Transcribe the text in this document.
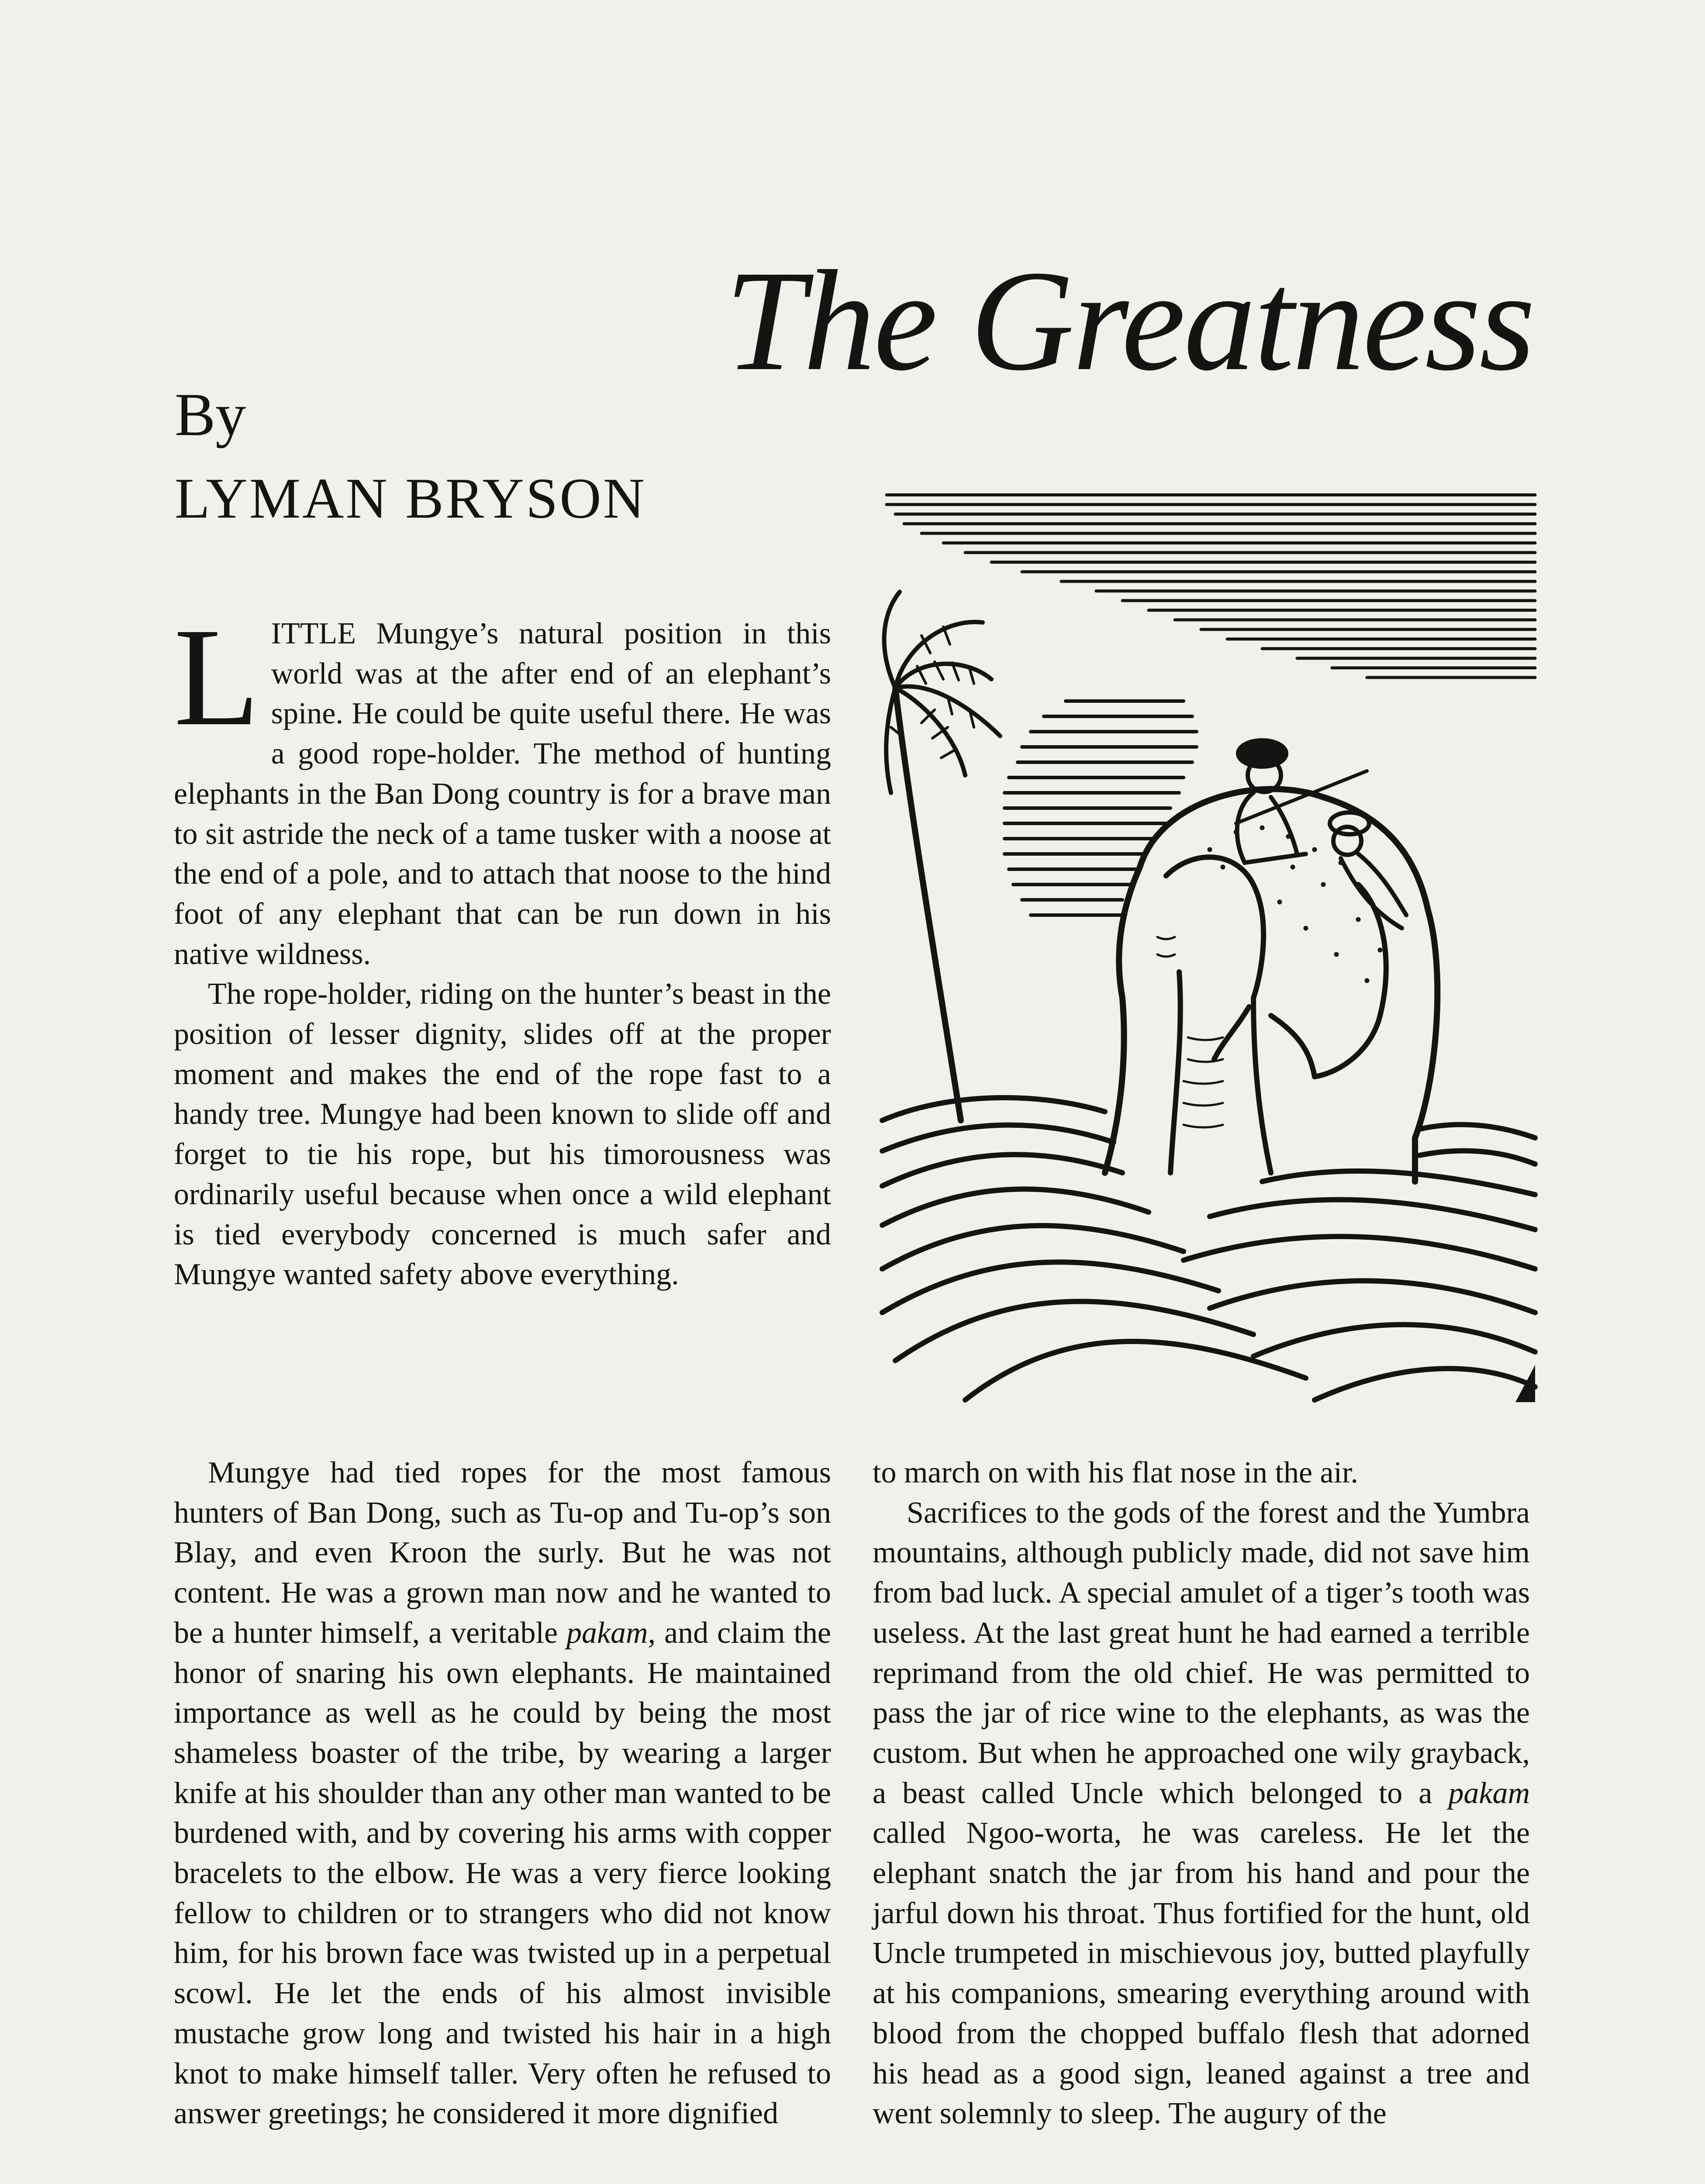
The Greatness
By
LYMAN BRYSON

LITTLE Mungye’s natural position in this world was at the after end of an elephant’s spine. He could be quite useful there. He was a good rope-holder. The method of hunting elephants in the Ban Dong country is for a brave man to sit astride the neck of a tame tusker with a noose at the end of a pole, and to attach that noose to the hind foot of any elephant that can be run down in his native wildness.

The rope-holder, riding on the hunter’s beast in the position of lesser dignity, slides off at the proper moment and makes the end of the rope fast to a handy tree. Mungye had been known to slide off and forget to tie his rope, but his timorousness was ordinarily useful because when once a wild elephant is tied everybody concerned is much safer and Mungye wanted safety above everything.

Mungye had tied ropes for the most famous hunters of Ban Dong, such as Tu-op and Tu-op’s son Blay, and even Kroon the surly. But he was not content. He was a grown man now and he wanted to be a hunter himself, a veritable pakam, and claim the honor of snaring his own elephants. He maintained importance as well as he could by being the most shameless boaster of the tribe, by wearing a larger knife at his shoulder than any other man wanted to be burdened with, and by covering his arms with copper bracelets to the elbow. He was a very fierce looking fellow to children or to strangers who did not know him, for his brown face was twisted up in a perpetual scowl. He let the ends of his almost invisible mustache grow long and twisted his hair in a high knot to make himself taller. Very often he refused to answer greetings; he considered it more dignified

to march on with his flat nose in the air.

Sacrifices to the gods of the forest and the Yumbra mountains, although publicly made, did not save him from bad luck. A special amulet of a tiger’s tooth was useless. At the last great hunt he had earned a terrible reprimand from the old chief. He was permitted to pass the jar of rice wine to the elephants, as was the custom. But when he approached one wily grayback, a beast called Uncle which belonged to a pakam called Ngoo-worta, he was careless. He let the elephant snatch the jar from his hand and pour the jarful down his throat. Thus fortified for the hunt, old Uncle trumpeted in mischievous joy, butted playfully at his companions, smearing everything around with blood from the chopped buffalo flesh that adorned his head as a good sign, leaned against a tree and went solemnly to sleep. The augury of the
